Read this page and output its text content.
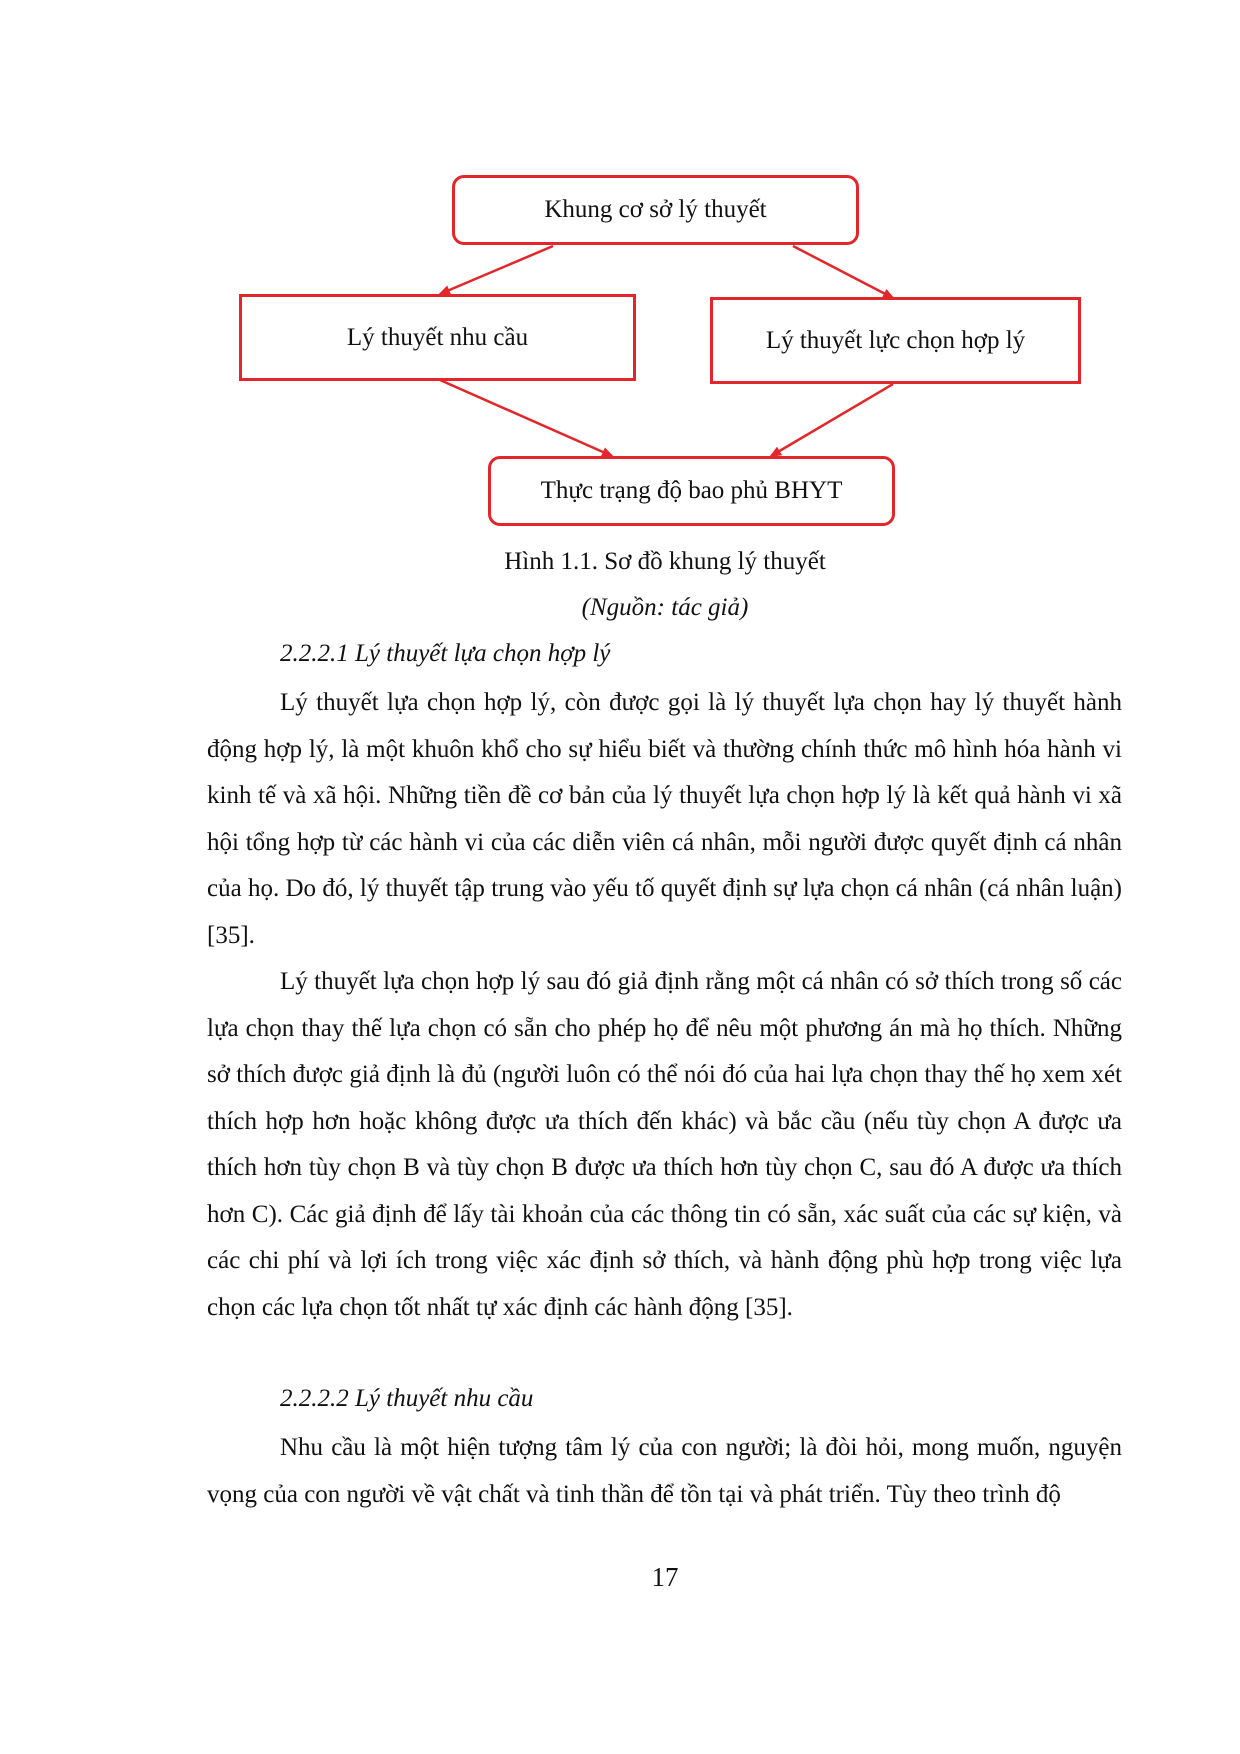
Khung cơ sở lý thuyết
Lý thuyết nhu cầu	Lý thuyết lực chọn hợp lý
Thực trạng độ bao phủ BHYT
Hình 1.1. Sơ đồ khung lý thuyết
(Nguồn: tác giả)
2.2.2.1 Lý thuyết lựa chọn hợp lý

Lý thuyết lựa chọn hợp lý, còn được gọi là lý thuyết lựa chọn hay lý thuyết hành động hợp lý, là một khuôn khổ cho sự hiểu biết và thường chính thức mô hình hóa hành vi kinh tế và xã hội. Những tiền đề cơ bản của lý thuyết lựa chọn hợp lý là kết quả hành vi xã hội tổng hợp từ các hành vi của các diễn viên cá nhân, mỗi người được quyết định cá nhân của họ. Do đó, lý thuyết tập trung vào yếu tố quyết định sự lựa chọn cá nhân (cá nhân luận) [35].

Lý thuyết lựa chọn hợp lý sau đó giả định rằng một cá nhân có sở thích trong số các lựa chọn thay thế lựa chọn có sẵn cho phép họ để nêu một phương án mà họ thích. Những sở thích được giả định là đủ (người luôn có thể nói đó của hai lựa chọn thay thế họ xem xét thích hợp hơn hoặc không được ưa thích đến khác) và bắc cầu (nếu tùy chọn A được ưa thích hơn tùy chọn B và tùy chọn B được ưa thích hơn tùy chọn C, sau đó A được ưa thích hơn C). Các giả định để lấy tài khoản của các thông tin có sẵn, xác suất của các sự kiện, và các chi phí và lợi ích trong việc xác định sở thích, và hành động phù hợp trong việc lựa chọn các lựa chọn tốt nhất tự xác định các hành động [35].

2.2.2.2 Lý thuyết nhu cầu

Nhu cầu là một hiện tượng tâm lý của con người; là đòi hỏi, mong muốn, nguyện vọng của con người về vật chất và tinh thần để tồn tại và phát triển. Tùy theo trình độ

17
